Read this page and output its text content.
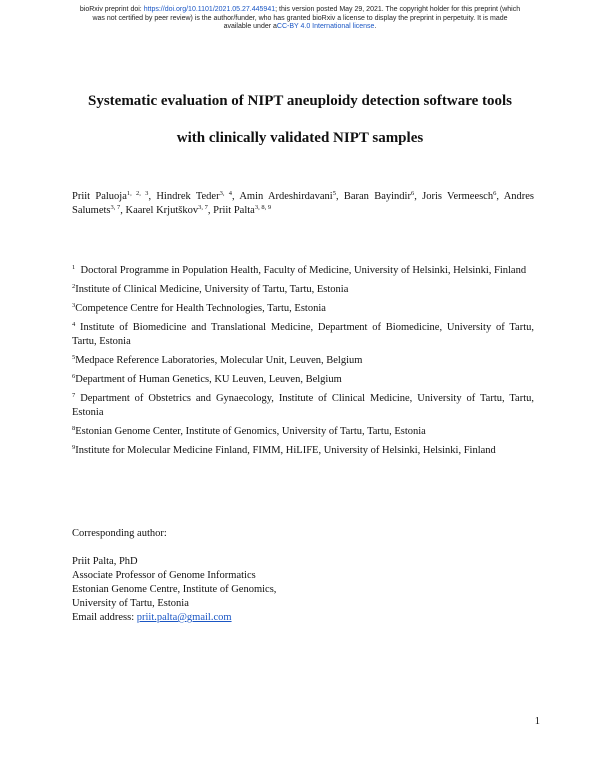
bioRxiv preprint doi: https://doi.org/10.1101/2021.05.27.445941; this version posted May 29, 2021. The copyright holder for this preprint (which
was not certified by peer review) is the author/funder, who has granted bioRxiv a license to display the preprint in perpetuity. It is made
available under aCC-BY 4.0 International license.
Systematic evaluation of NIPT aneuploidy detection software tools
with clinically validated NIPT samples
Priit Paluoja$^{1, 2, 3}$, Hindrek Teder$^{3, 4}$, Amin Ardeshirdavani$^5$, Baran Bayindir$^6$, Joris Vermeesch$^6$, Andres
Salumets$^{3, 7}$, Kaarel Krjutškov$^{3, 7}$, Priit Palta$^{3, 8, 9}$

$^1$ Doctoral Programme in Population Health, Faculty of Medicine, University of Helsinki, Helsinki, Finland

$^2$Institute of Clinical Medicine, University of Tartu, Tartu, Estonia

$^3$Competence Centre for Health Technologies, Tartu, Estonia

$^4$ Institute of Biomedicine and Translational Medicine, Department of Biomedicine, University of Tartu, Tartu, Estonia

$^5$Medpace Reference Laboratories, Molecular Unit, Leuven, Belgium

$^6$Department of Human Genetics, KU Leuven, Leuven, Belgium

$^7$ Department of Obstetrics and Gynaecology, Institute of Clinical Medicine, University of Tartu, Tartu, Estonia

$^8$Estonian Genome Center, Institute of Genomics, University of Tartu, Tartu, Estonia

$^9$Institute for Molecular Medicine Finland, FIMM, HiLIFE, University of Helsinki, Helsinki, Finland

Corresponding author:
Priit Palta, PhD
Associate Professor of Genome Informatics
Estonian Genome Centre, Institute of Genomics,
University of Tartu, Estonia
Email address: priit.palta@gmail.com
1
